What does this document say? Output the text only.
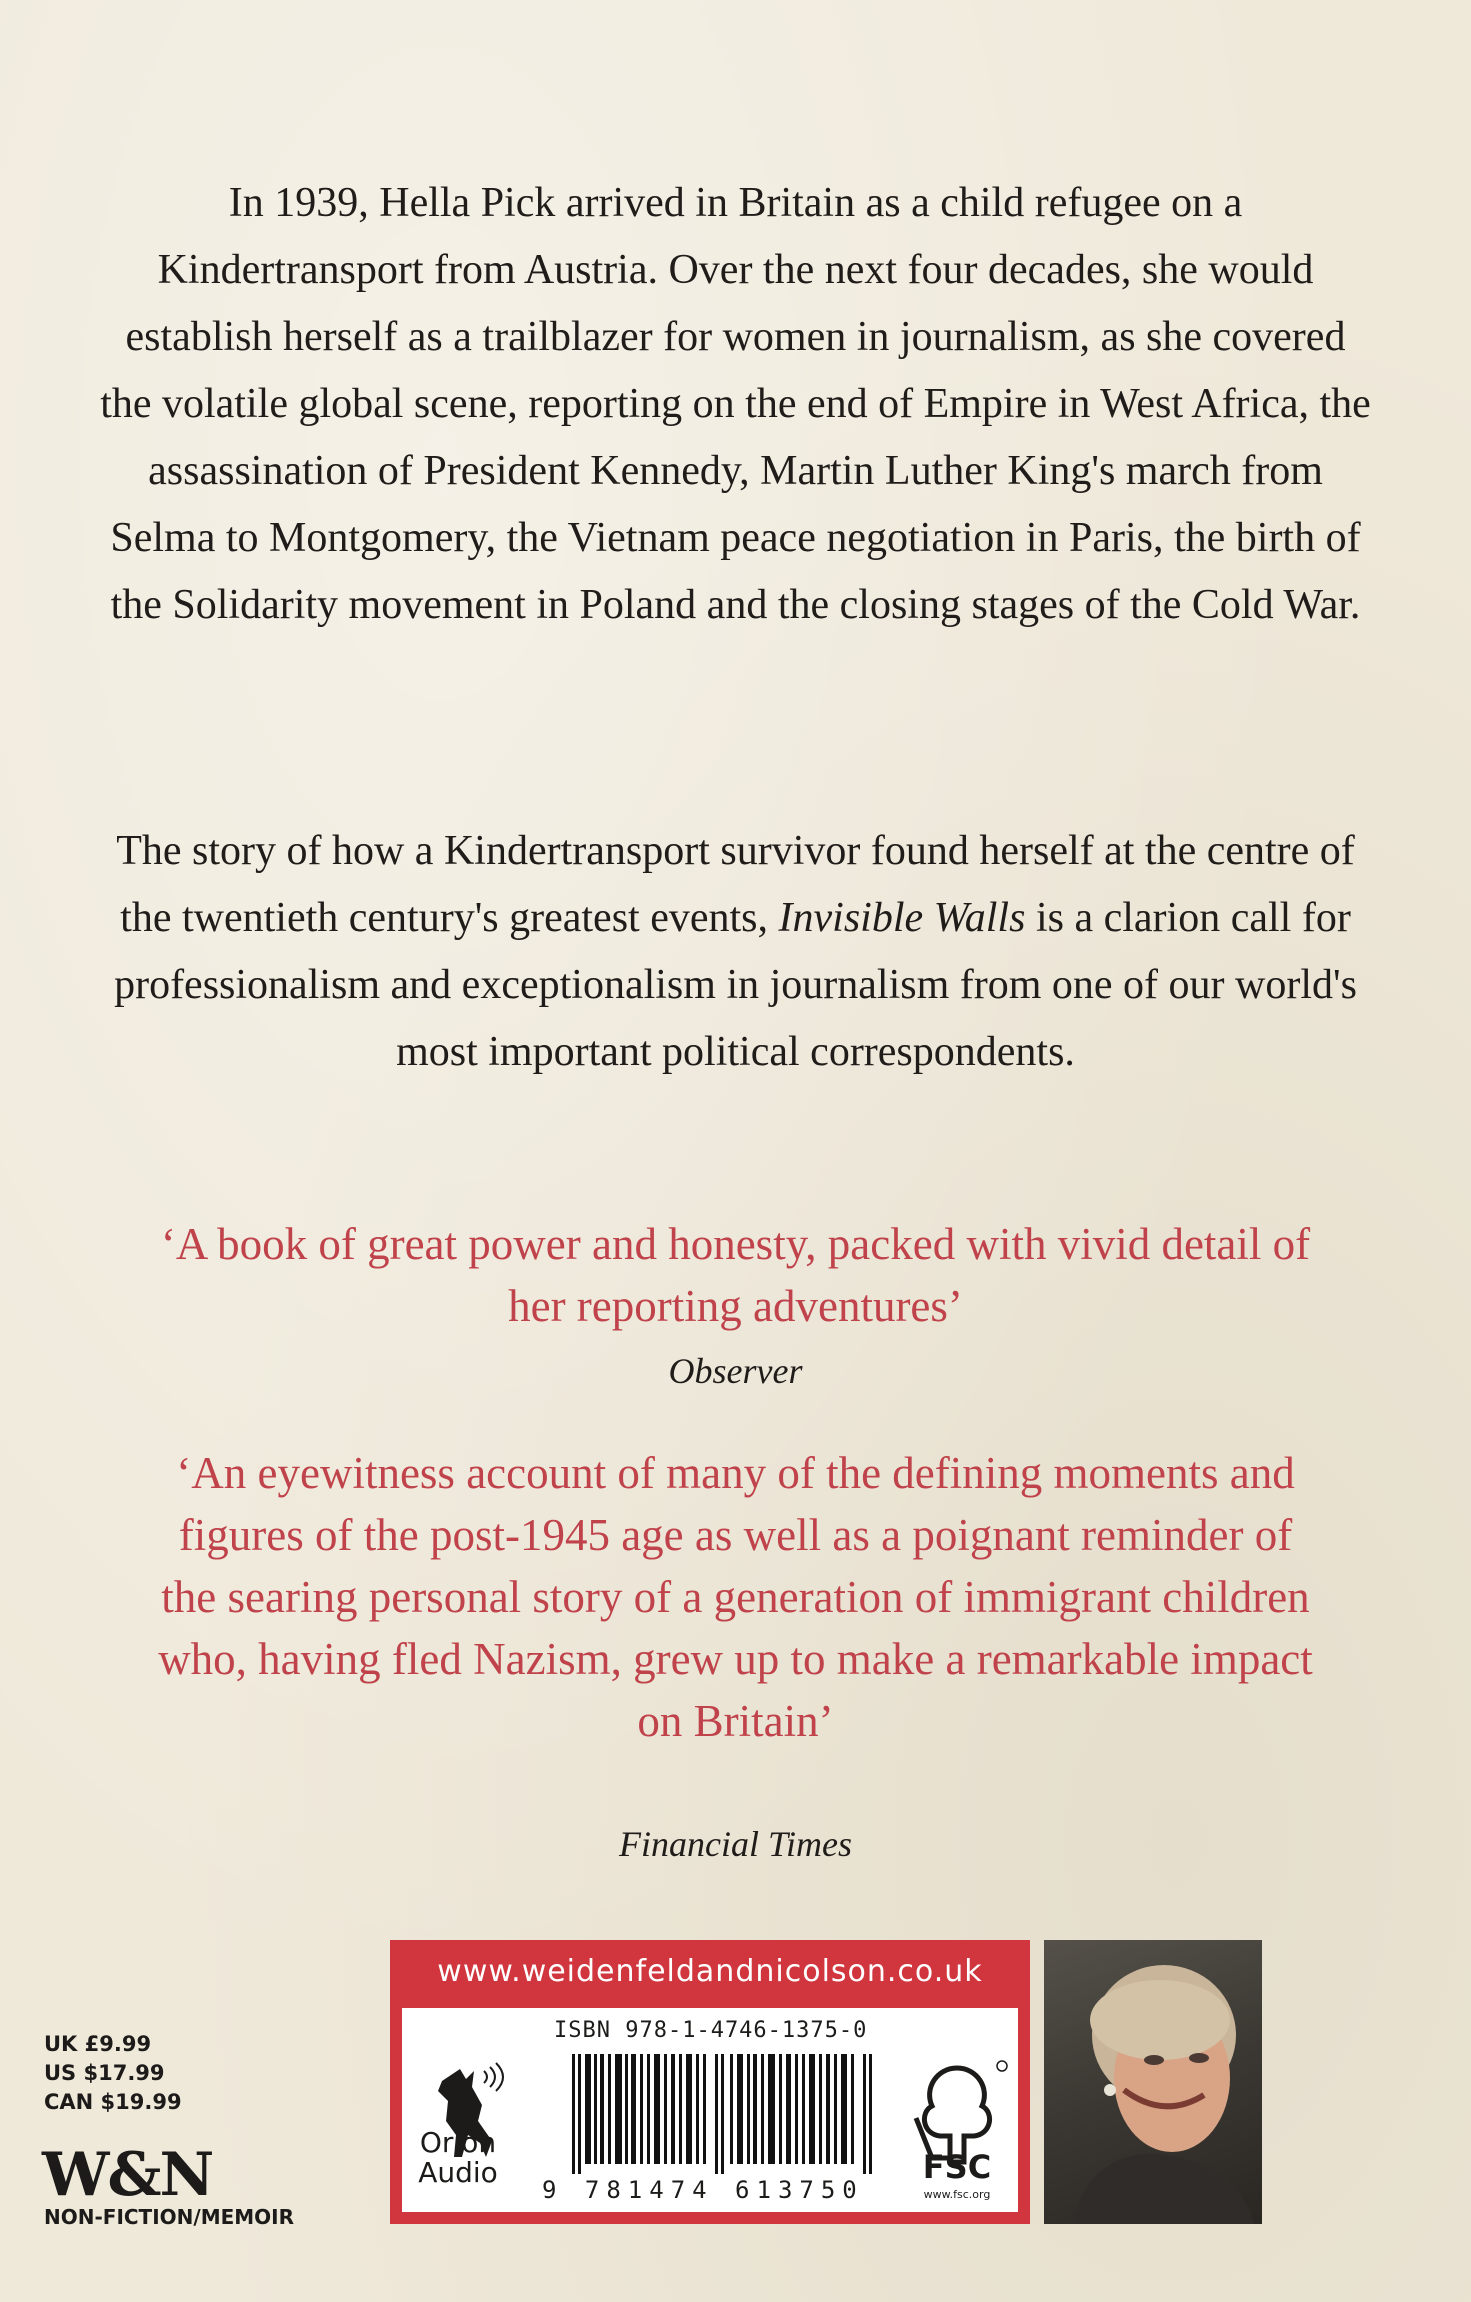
In 1939, Hella Pick arrived in Britain as a child refugee on a Kindertransport from Austria. Over the next four decades, she would establish herself as a trailblazer for women in journalism, as she covered the volatile global scene, reporting on the end of Empire in West Africa, the assassination of President Kennedy, Martin Luther King's march from Selma to Montgomery, the Vietnam peace negotiation in Paris, the birth of the Solidarity movement in Poland and the closing stages of the Cold War.

The story of how a Kindertransport survivor found herself at the centre of the twentieth century's greatest events, Invisible Walls is a clarion call for professionalism and exceptionalism in journalism from one of our world's most important political correspondents.

‘A book of great power and honesty, packed with vivid detail of her reporting adventures’

Observer

‘An eyewitness account of many of the defining moments and figures of the post-1945 age as well as a poignant reminder of the searing personal story of a generation of immigrant children who, having fled Nazism, grew up to make a remarkable impact on Britain’

Financial Times
UK £9.99
US $17.99
CAN $19.99
W&N
NON-FICTION/MEMOIR
www.weidenfeldandnicolson.co.uk
Orion
Audio
ISBN 978-1-4746-1375-0
9 781474 613750
FSC
www.fsc.org
